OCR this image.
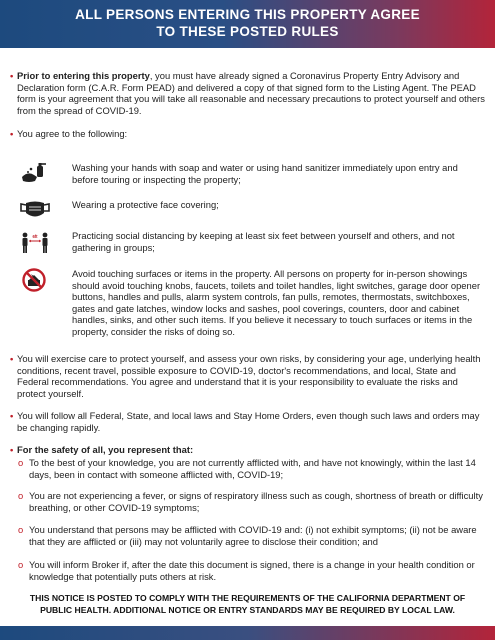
ALL PERSONS ENTERING THIS PROPERTY AGREE
TO THESE POSTED RULES
• Prior to entering this property, you must have already signed a Coronavirus Property Entry Advisory and Declaration form (C.A.R. Form PEAD) and delivered a copy of that signed form to the Listing Agent. The PEAD form is your agreement that you will take all reasonable and necessary precautions to protect yourself and others from the spread of COVID-19.
• You agree to the following:
Washing your hands with soap and water or using hand sanitizer immediately upon entry and before touring or inspecting the property;
Wearing a protective face covering;
6ft	Practicing social distancing by keeping at least six feet between yourself and others, and not gathering in groups;
Avoid touching surfaces or items in the property. All persons on property for in-person showings should avoid touching knobs, faucets, toilets and toilet handles, light switches, garage door opener buttons, handles and pulls, alarm system controls, fan pulls, remotes, thermostats, switchboxes, gates and gate latches, window locks and sashes, pool coverings, counters, door and cabinet handles, sinks, and other such items. If you believe it necessary to touch surfaces or items in the property, consider the risks of doing so.
• You will exercise care to protect yourself, and assess your own risks, by considering your age, underlying health conditions, recent travel, possible exposure to COVID-19, doctor's recommendations, and local, State and Federal recommendations. You agree and understand that it is your responsibility to evaluate the risks and protect yourself.
• You will follow all Federal, State, and local laws and Stay Home Orders, even though such laws and orders may be changing rapidly.
• For the safety of all, you represent that:
o To the best of your knowledge, you are not currently afflicted with, and have not knowingly, within the last 14 days, been in contact with someone afflicted with, COVID-19;
o You are not experiencing a fever, or signs of respiratory illness such as cough, shortness of breath or difficulty breathing, or other COVID-19 symptoms;
o You understand that persons may be afflicted with COVID-19 and: (i) not exhibit symptoms; (ii) not be aware that they are afflicted or (iii) may not voluntarily agree to disclose their condition; and
o You will inform Broker if, after the date this document is signed, there is a change in your health condition or knowledge that potentially puts others at risk.
THIS NOTICE IS POSTED TO COMPLY WITH THE REQUIREMENTS OF THE CALIFORNIA DEPARTMENT OF
PUBLIC HEALTH. ADDITIONAL NOTICE OR ENTRY STANDARDS MAY BE REQUIRED BY LOCAL LAW.
